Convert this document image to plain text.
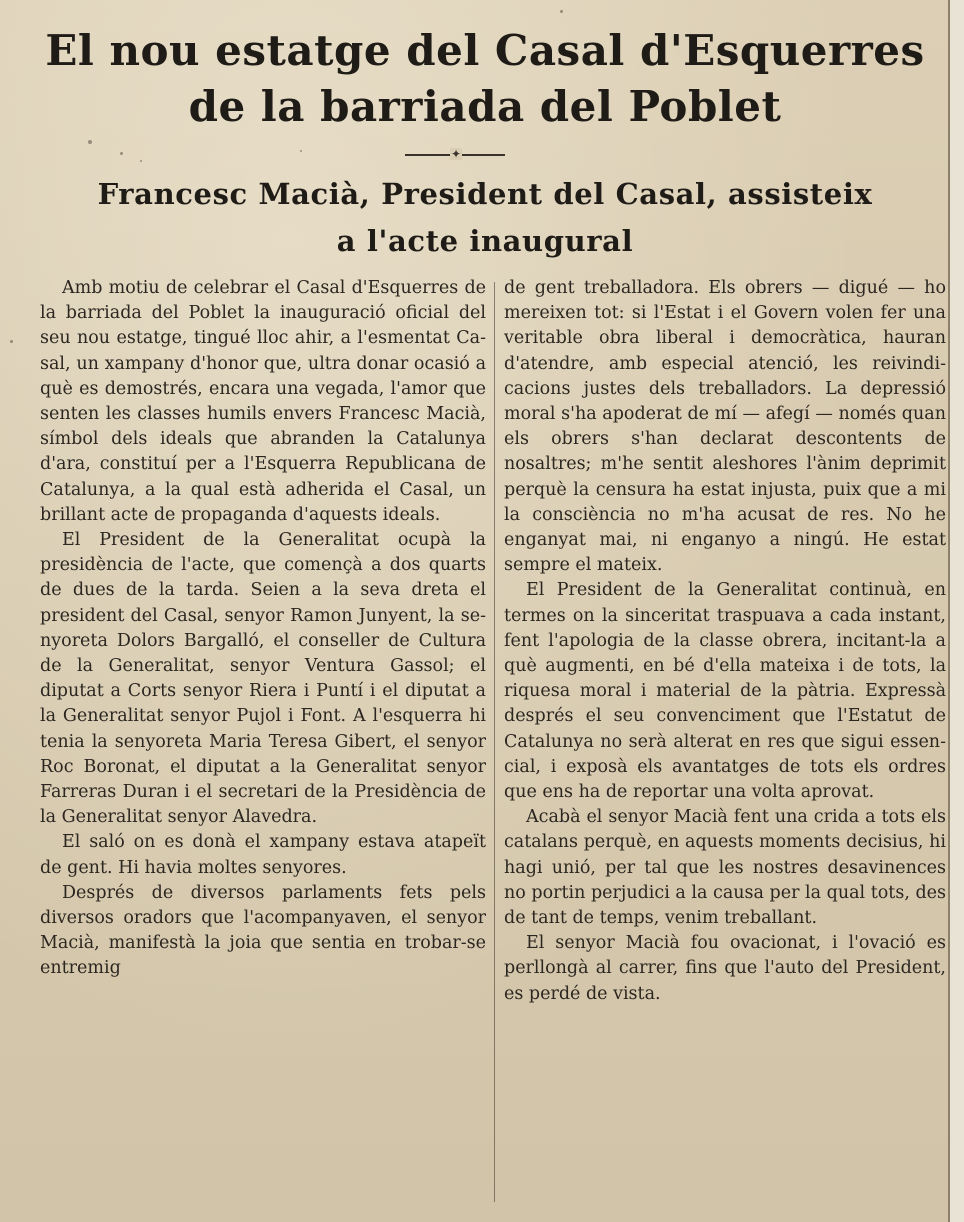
El nou estatge del Casal d'Esquerres
de la barriada del Poblet
✦
Francesc Macià, President del Casal, assisteix
a l'acte inaugural

Amb motiu de celebrar el Casal d'Esquerres de la barriada del Poblet la inauguració oficial del seu nou estatge, tingué lloc ahir, a l'esmentat Casal, un xampany d'honor que, ultra donar ocasió a què es demostrés, encara una vegada, l'amor que senten les classes humils envers Francesc Macià, símbol dels ideals que abranden la Catalunya d'ara, constituí per a l'Esquerra Republicana de Catalunya, a la qual està adherida el Casal, un brillant acte de propaganda d'aquests ideals.

El President de la Generalitat ocupà la presidència de l'acte, que començà a dos quarts de dues de la tarda. Seien a la seva dreta el president del Casal, senyor Ramon Junyent, la senyoreta Dolors Bargalló, el conseller de Cultura de la Generalitat, senyor Ventura Gassol; el diputat a Corts senyor Riera i Puntí i el diputat a la Generalitat senyor Pujol i Font. A l'esquerra hi tenia la senyoreta Maria Teresa Gibert, el senyor Roc Boronat, el diputat a la Generalitat senyor Farreras Duran i el secretari de la Presidència de la Generalitat senyor Alavedra.

El saló on es donà el xampany estava atapeït de gent. Hi havia moltes senyores.

Després de diversos parlaments fets pels diversos oradors que l'acompanyaven, el senyor Macià, manifestà la joia que sentia en trobar-se entremig

de gent treballadora. Els obrers — digué — ho mereixen tot: si l'Estat i el Govern volen fer una veritable obra liberal i democràtica, hauran d'atendre, amb especial atenció, les reivindicacions justes dels treballadors. La depressió moral s'ha apoderat de mí — afegí — només quan els obrers s'han declarat descontents de nosaltres; m'he sentit aleshores l'ànim deprimit perquè la censura ha estat injusta, puix que a mi la consciència no m'ha acusat de res. No he enganyat mai, ni enganyo a ningú. He estat sempre el mateix.

El President de la Generalitat continuà, en termes on la sinceritat traspuava a cada instant, fent l'apologia de la classe obrera, incitant-la a què augmenti, en bé d'ella mateixa i de tots, la riquesa moral i material de la pàtria. Expressà després el seu convenciment que l'Estatut de Catalunya no serà alterat en res que sigui essencial, i exposà els avantatges de tots els ordres que ens ha de reportar una volta aprovat.

Acabà el senyor Macià fent una crida a tots els catalans perquè, en aquests moments decisius, hi hagi unió, per tal que les nostres desavinences no portin perjudici a la causa per la qual tots, des de tant de temps, venim treballant.

El senyor Macià fou ovacionat, i l'ovació es perllongà al carrer, fins que l'auto del President, es perdé de vista.
